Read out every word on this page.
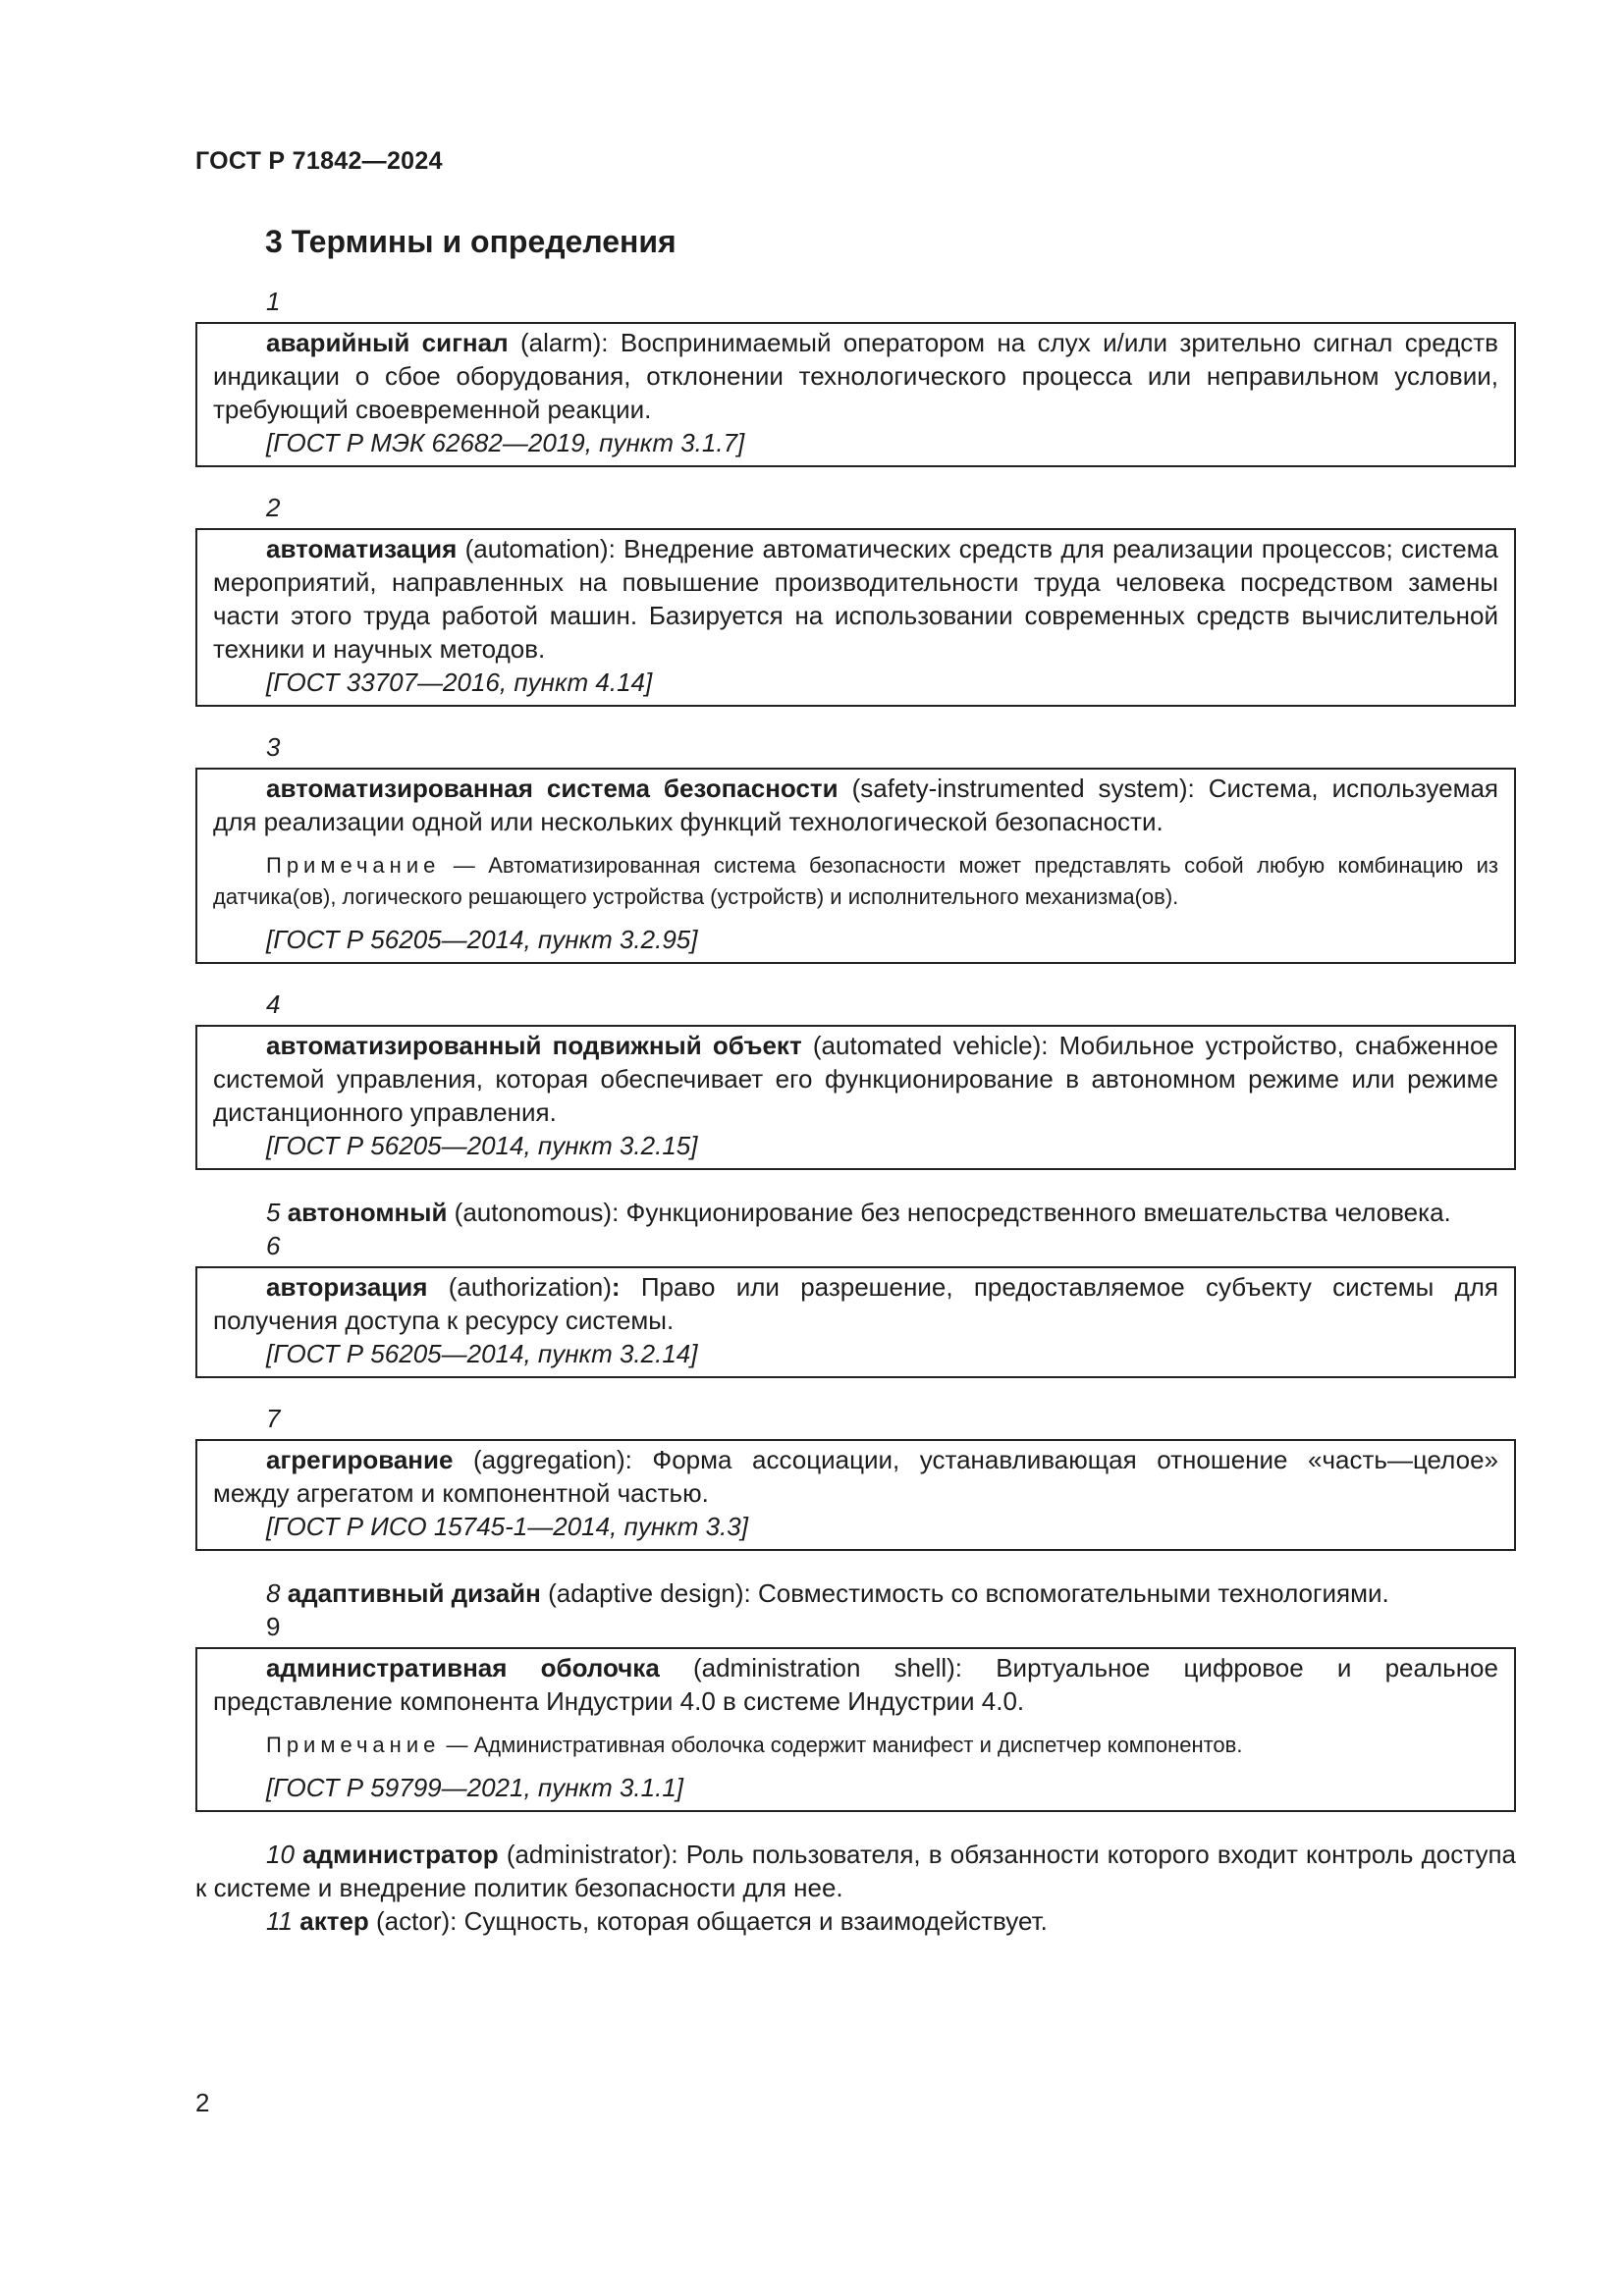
ГОСТ Р 71842—2024
3 Термины и определения
1

аварийный сигнал (alarm): Воспринимаемый оператором на слух и/или зрительно сигнал средств индикации о сбое оборудования, отклонении технологического процесса или неправильном условии, требующий своевременной реакции.

[ГОСТ Р МЭК 62682—2019, пункт 3.1.7]

2

автоматизация (automation): Внедрение автоматических средств для реализации процессов; система мероприятий, направленных на повышение производительности труда человека посредством замены части этого труда работой машин. Базируется на использовании современных средств вычислительной техники и научных методов.

[ГОСТ 33707—2016, пункт 4.14]

3

автоматизированная система безопасности (safety-instrumented system): Система, используемая для реализации одной или нескольких функций технологической безопасности.

Примечание — Автоматизированная система безопасности может представлять собой любую комбинацию из датчика(ов), логического решающего устройства (устройств) и исполнительного механизма(ов).

[ГОСТ Р 56205—2014, пункт 3.2.95]

4

автоматизированный подвижный объект (automated vehicle): Мобильное устройство, снабженное системой управления, которая обеспечивает его функционирование в автономном режиме или режиме дистанционного управления.

[ГОСТ Р 56205—2014, пункт 3.2.15]

5 автономный (autonomous): Функционирование без непосредственного вмешательства человека.

6

авторизация (authorization): Право или разрешение, предоставляемое субъекту системы для получения доступа к ресурсу системы.

[ГОСТ Р 56205—2014, пункт 3.2.14]

7

агрегирование (aggregation): Форма ассоциации, устанавливающая отношение «часть—целое» между агрегатом и компонентной частью.

[ГОСТ Р ИСО 15745-1—2014, пункт 3.3]

8 адаптивный дизайн (adaptive design): Совместимость со вспомогательными технологиями.

9

административная оболочка (administration shell): Виртуальное цифровое и реальное представление компонента Индустрии 4.0 в системе Индустрии 4.0.

Примечание — Административная оболочка содержит манифест и диспетчер компонентов.

[ГОСТ Р 59799—2021, пункт 3.1.1]

10 администратор (administrator): Роль пользователя, в обязанности которого входит контроль доступа к системе и внедрение политик безопасности для нее.

11 актер (actor): Сущность, которая общается и взаимодействует.

2
